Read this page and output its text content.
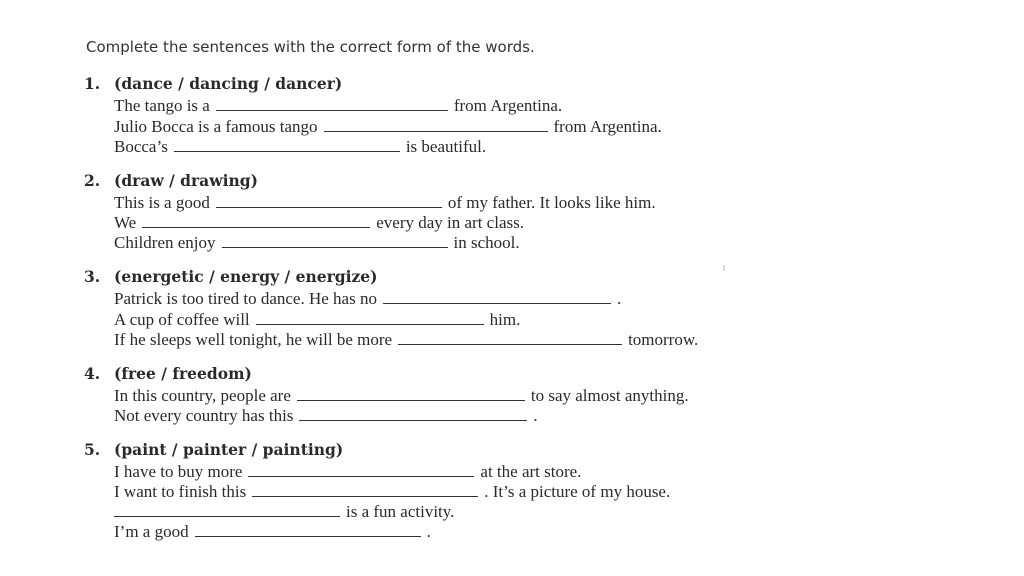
Complete the sentences with the correct form of the words.
1. (dance / dancing / dancer)
The tango is a	from Argentina.
Julio Bocca is a famous tango	from Argentina.
Bocca’s	is beautiful.
2. (draw / drawing)
This is a good	of my father. It looks like him.
We	every day in art class.
Children enjoy	in school.
3. (energetic / energy / energize)
Patrick is too tired to dance. He has no	.
A cup of coffee will	him.
If he sleeps well tonight, he will be more	tomorrow.
4. (free / freedom)
In this country, people are	to say almost anything.
Not every country has this	.
5. (paint / painter / painting)
I have to buy more	at the art store.
I want to finish this	. It’s a picture of my house.
is a fun activity.
I’m a good	.
